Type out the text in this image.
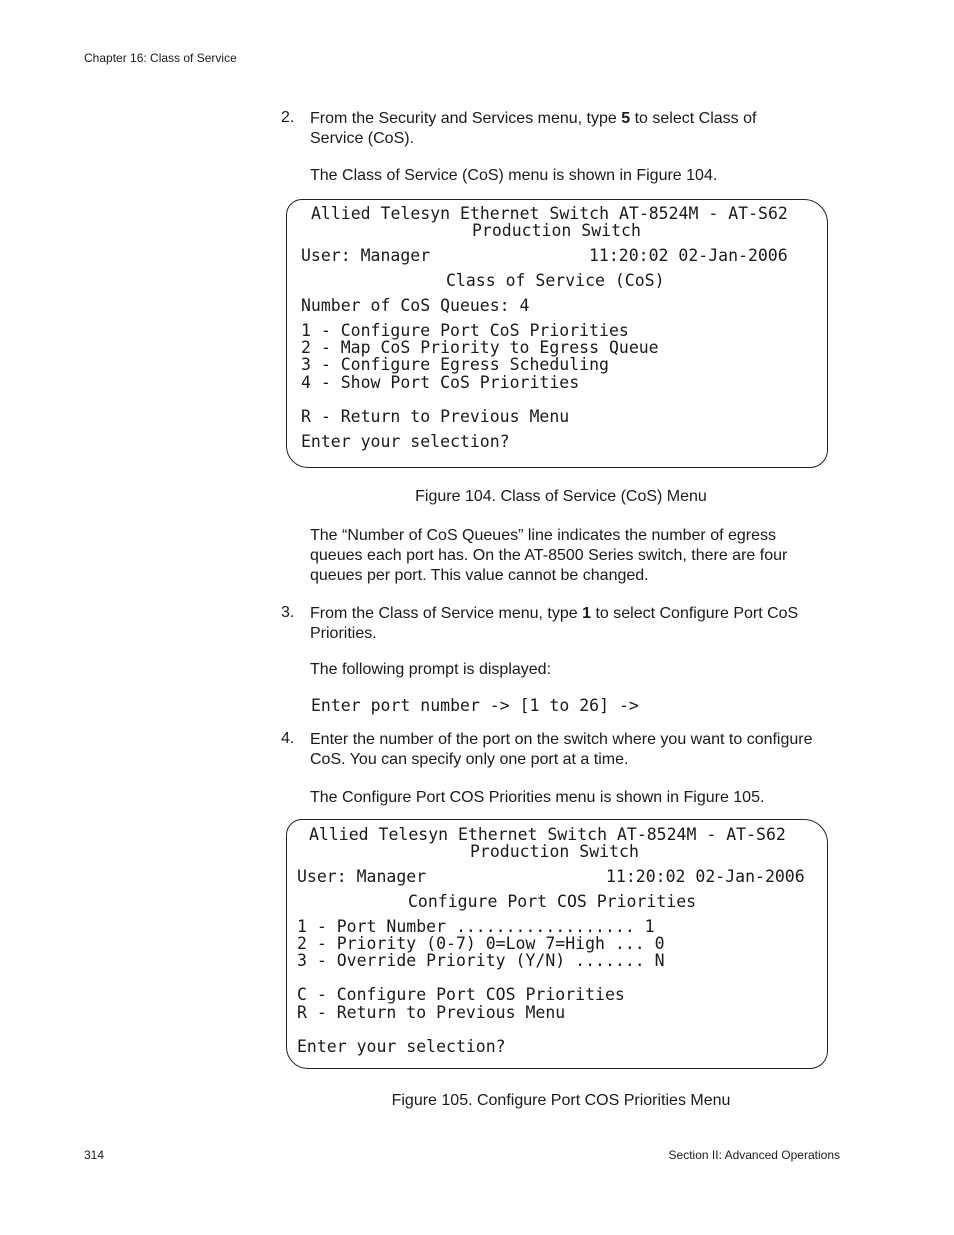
Chapter 16: Class of Service
2. From the Security and Services menu, type 5 to select Class of
Service (CoS).
The Class of Service (CoS) menu is shown in Figure 104.
Allied Telesyn Ethernet Switch AT-8524M - AT-S62
Production Switch
User: Manager	11:20:02 02-Jan-2006
Class of Service (CoS)
Number of CoS Queues: 4
1 - Configure Port CoS Priorities
2 - Map CoS Priority to Egress Queue
3 - Configure Egress Scheduling
4 - Show Port CoS Priorities
R - Return to Previous Menu
Enter your selection?
Figure 104. Class of Service (CoS) Menu
The “Number of CoS Queues” line indicates the number of egress
queues each port has. On the AT-8500 Series switch, there are four
queues per port. This value cannot be changed.
3. From the Class of Service menu, type 1 to select Configure Port CoS
Priorities.
The following prompt is displayed:
Enter port number -> [1 to 26] ->
4. Enter the number of the port on the switch where you want to configure
CoS. You can specify only one port at a time.
The Configure Port COS Priorities menu is shown in Figure 105.
Allied Telesyn Ethernet Switch AT-8524M - AT-S62
Production Switch
User: Manager	11:20:02 02-Jan-2006
Configure Port COS Priorities
1 - Port Number .................. 1
2 - Priority (0-7) 0=Low 7=High ... 0
3 - Override Priority (Y/N) ....... N
C - Configure Port COS Priorities
R - Return to Previous Menu
Enter your selection?
Figure 105. Configure Port COS Priorities Menu
314	Section II: Advanced Operations
